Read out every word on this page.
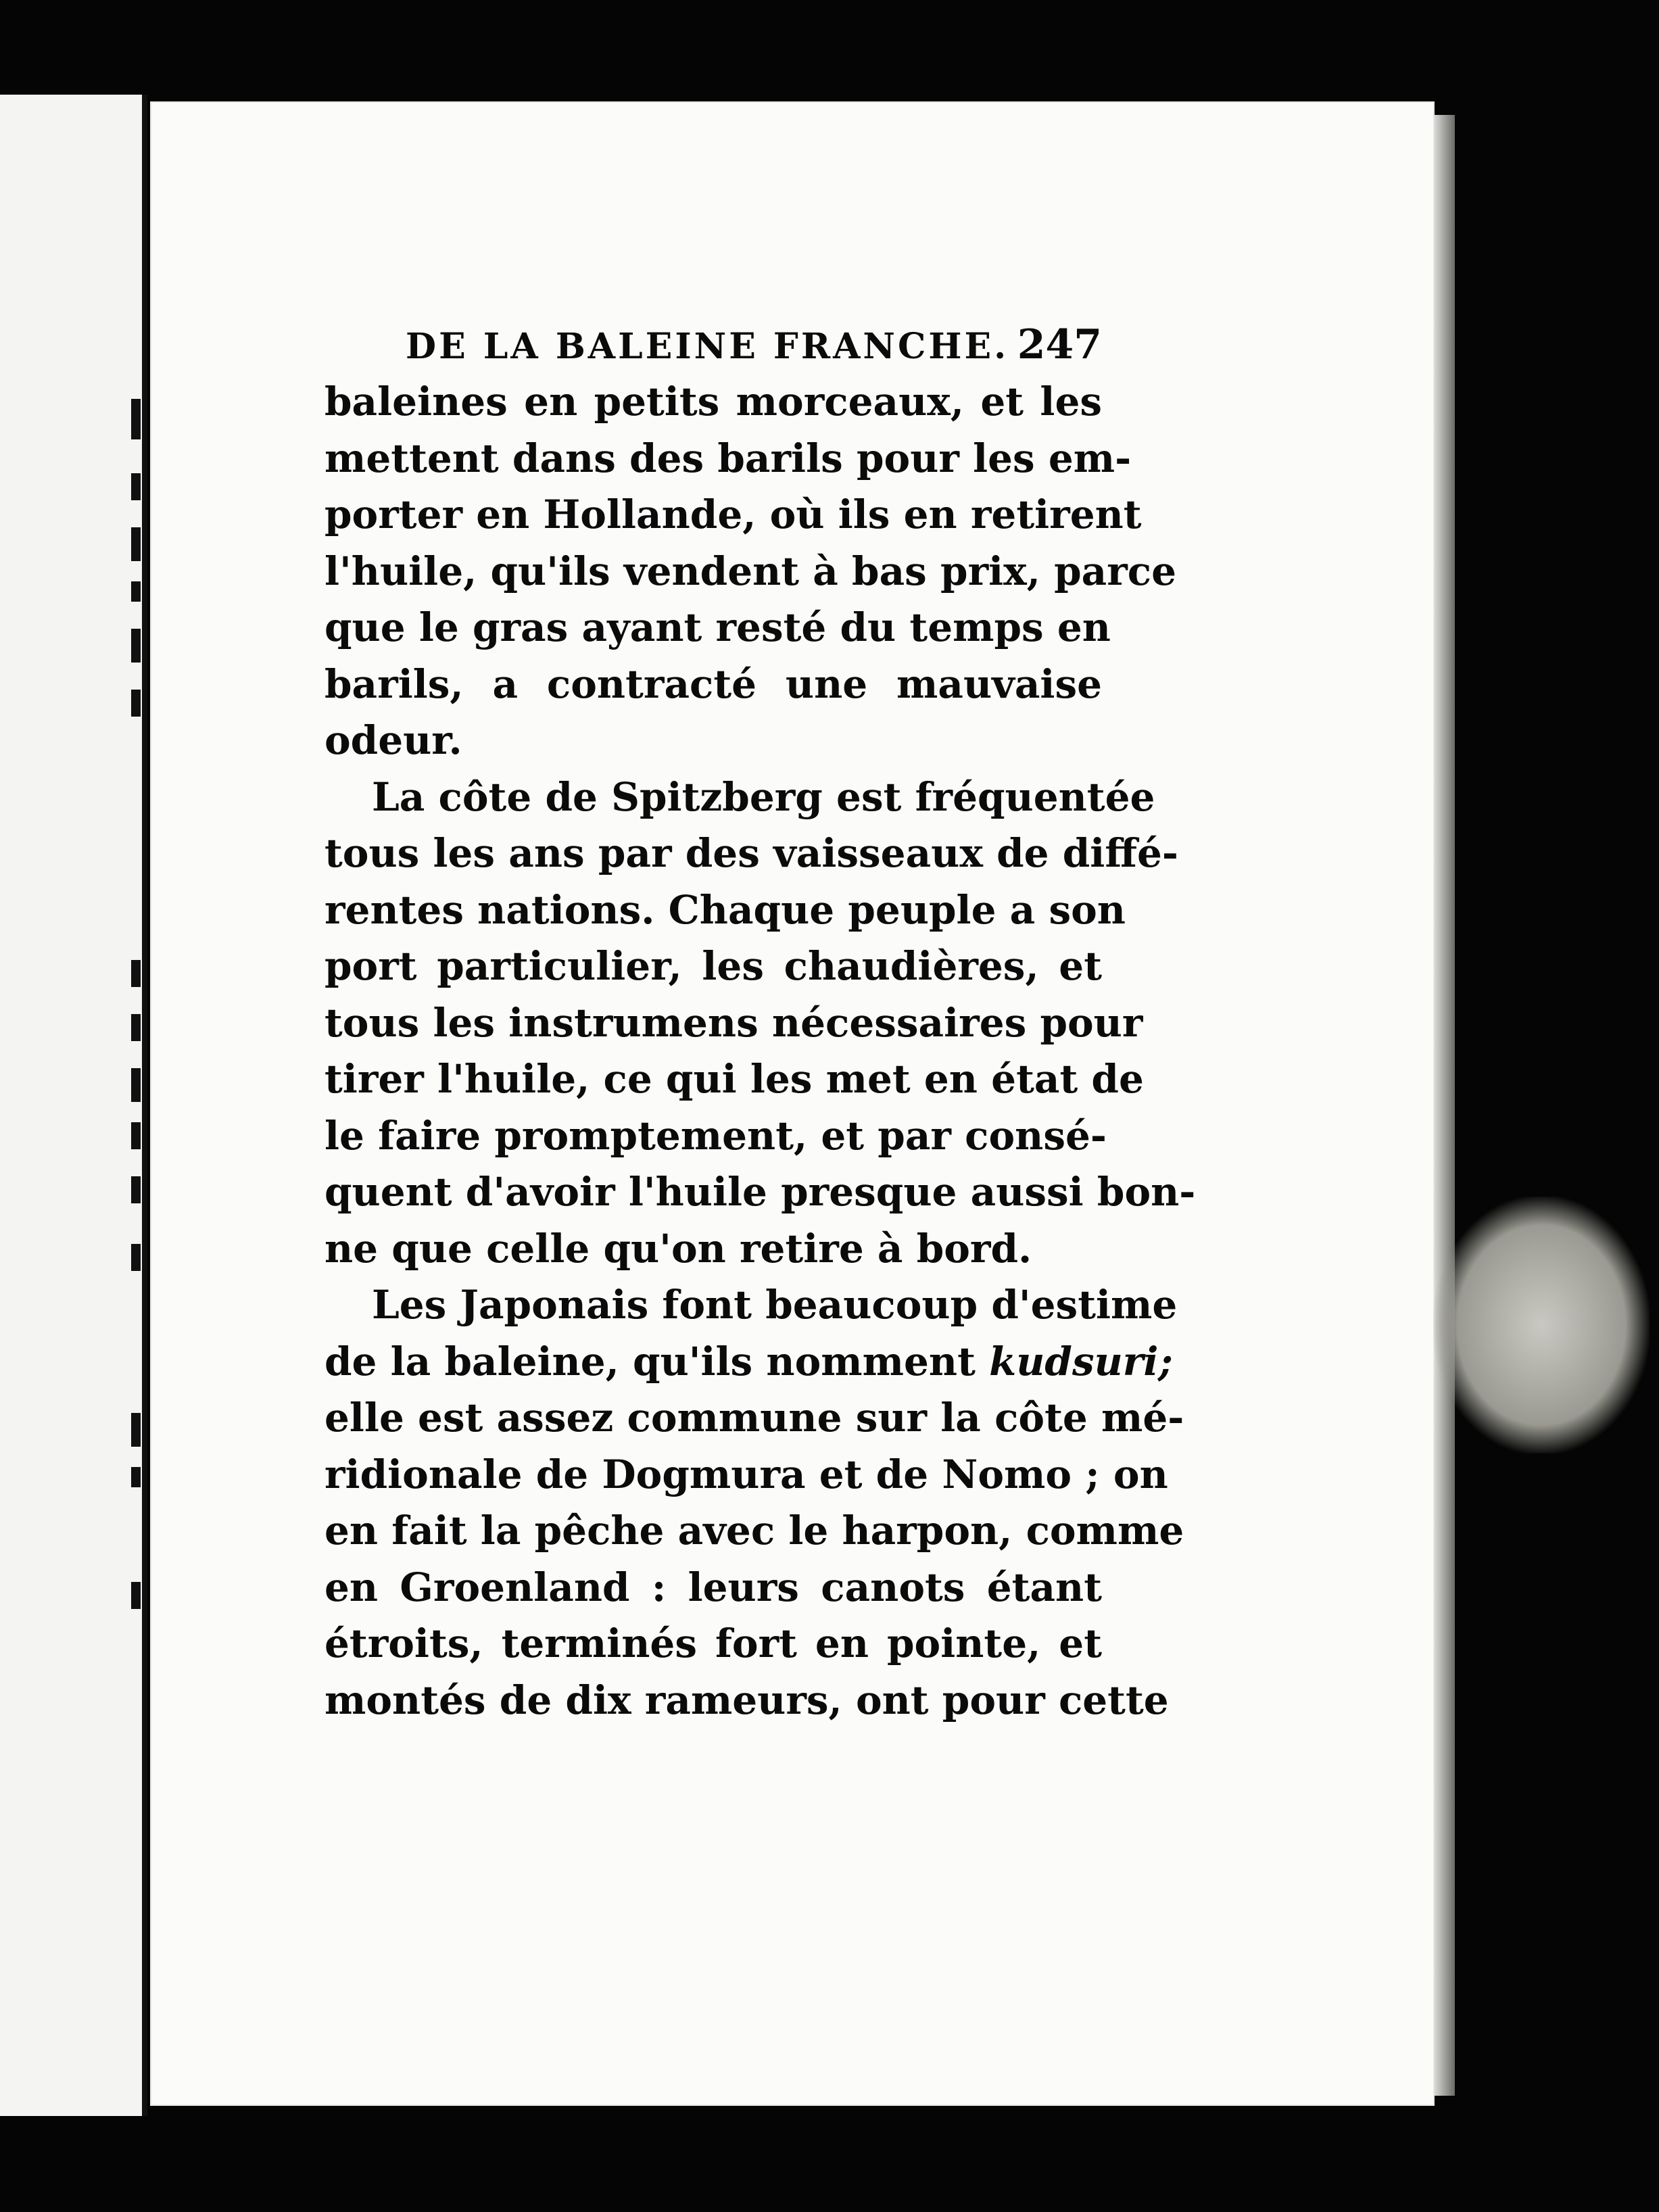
DE LA BALEINE FRANCHE. 247
baleines en petits morceaux, et les
mettent dans des barils pour les em-
porter en Hollande, où ils en retirent
l'huile, qu'ils vendent à bas prix, parce
que le gras ayant resté du temps en
barils, a contracté une mauvaise
odeur.
La côte de Spitzberg est fréquentée
tous les ans par des vaisseaux de diffé-
rentes nations. Chaque peuple a son
port particulier, les chaudières, et
tous les instrumens nécessaires pour
tirer l'huile, ce qui les met en état de
le faire promptement, et par consé-
quent d'avoir l'huile presque aussi bon-
ne que celle qu'on retire à bord.
Les Japonais font beaucoup d'estime
de la baleine, qu'ils nomment kudsuri;
elle est assez commune sur la côte mé-
ridionale de Dogmura et de Nomo ; on
en fait la pêche avec le harpon, comme
en Groenland : leurs canots étant
étroits, terminés fort en pointe, et
montés de dix rameurs, ont pour cette
